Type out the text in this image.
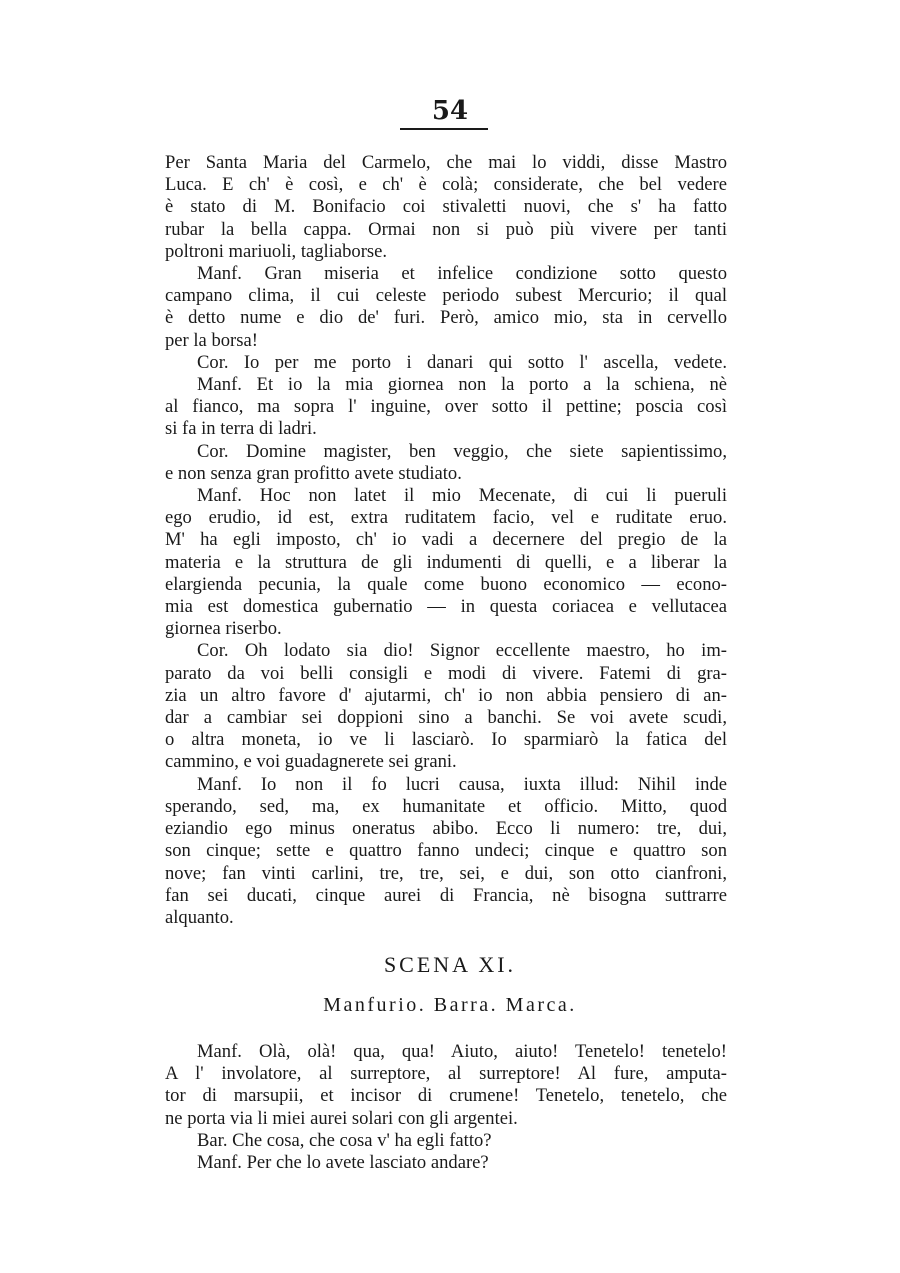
54
Per Santa Maria del Carmelo, che mai lo viddi, disse Mastro
Luca. E ch' è così, e ch' è colà; considerate, che bel vedere
è stato di M. Bonifacio coi stivaletti nuovi, che s' ha fatto
rubar la bella cappa. Ormai non si può più vivere per tanti
poltroni mariuoli, tagliaborse.
Manf. Gran miseria et infelice condizione sotto questo
campano clima, il cui celeste periodo subest Mercurio; il qual
è detto nume e dio de' furi. Però, amico mio, sta in cervello
per la borsa!
Cor. Io per me porto i danari qui sotto l' ascella, vedete.
Manf. Et io la mia giornea non la porto a la schiena, nè
al fianco, ma sopra l' inguine, over sotto il pettine; poscia così
si fa in terra di ladri.
Cor. Domine magister, ben veggio, che siete sapientissimo,
e non senza gran profitto avete studiato.
Manf. Hoc non latet il mio Mecenate, di cui li pueruli
ego erudio, id est, extra ruditatem facio, vel e ruditate eruo.
M' ha egli imposto, ch' io vadi a decernere del pregio de la
materia e la struttura de gli indumenti di quelli, e a liberar la
elargienda pecunia, la quale come buono economico — econo-
mia est domestica gubernatio — in questa coriacea e vellutacea
giornea riserbo.
Cor. Oh lodato sia dio! Signor eccellente maestro, ho im-
parato da voi belli consigli e modi di vivere. Fatemi di gra-
zia un altro favore d' ajutarmi, ch' io non abbia pensiero di an-
dar a cambiar sei doppioni sino a banchi. Se voi avete scudi,
o altra moneta, io ve li lasciarò. Io sparmiarò la fatica del
cammino, e voi guadagnerete sei grani.
Manf. Io non il fo lucri causa, iuxta illud: Nihil inde
sperando, sed, ma, ex humanitate et officio. Mitto, quod
eziandio ego minus oneratus abibo. Ecco li numero: tre, dui,
son cinque; sette e quattro fanno undeci; cinque e quattro son
nove; fan vinti carlini, tre, tre, sei, e dui, son otto cianfroni,
fan sei ducati, cinque aurei di Francia, nè bisogna suttrarre
alquanto.
SCENA XI.
Manfurio. Barra. Marca.
Manf. Olà, olà! qua, qua! Aiuto, aiuto! Tenetelo! tenetelo!
A l' involatore, al surreptore, al surreptore! Al fure, amputa-
tor di marsupii, et incisor di crumene! Tenetelo, tenetelo, che
ne porta via li miei aurei solari con gli argentei.
Bar. Che cosa, che cosa v' ha egli fatto?
Manf. Per che lo avete lasciato andare?
